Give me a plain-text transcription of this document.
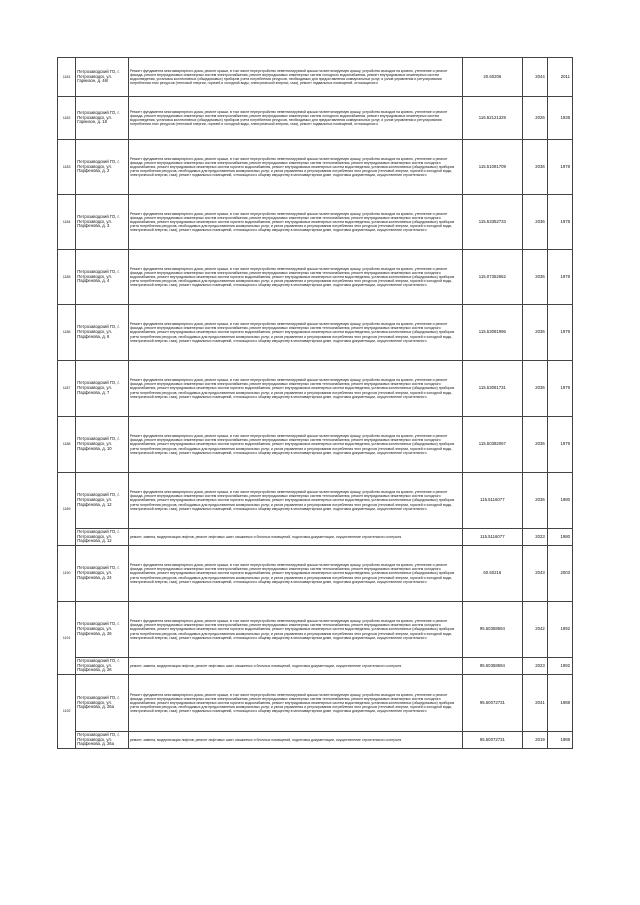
1181	Петрозаводский ГО, г. Петрозаводск, ул. Гарнизон, д. 46г	Ремонт фундамента многоквартирного дома, ремонт крыши, в том числе переустройство невентилируемой крыши на вентилируемую крышу, устройство выходов на кровлю, утепление и ремонт фасада, ремонт внутридомовых инженерных систем электроснабжения, ремонт внутридомовых инженерных систем холодного водоснабжения, ремонт внутридомовых инженерных систем водоотведения, установка коллективных (общедомовых) приборов учета потребления ресурсов, необходимых для предоставления коммунальных услуг, и узлов управления и регулирования потребления этих ресурсов (тепловой энергии, горячей и холодной воды, электрической энергии, газа), ремонт подвальных помещений, относящихся к	20.60206	2044	2011
1182	Петрозаводский ГО, г. Петрозаводск, ул. Гарнизон, д. 18	Ремонт фундамента многоквартирного дома, ремонт крыши, в том числе переустройство невентилируемой крыши на вентилируемую крышу, устройство выходов на кровлю, утепление и ремонт фасада, ремонт внутридомовых инженерных систем электроснабжения, ремонт внутридомовых инженерных систем холодного водоснабжения, ремонт внутридомовых инженерных систем водоотведения, установка коллективных (общедомовых) приборов учета потребления ресурсов, необходимых для предоставления коммунальных услуг, и узлов управления и регулирования потребления этих ресурсов (тепловой энергии, горячей и холодной воды, электрической энергии, газа), ремонт подвальных помещений, относящихся к	116.52121329	2026	1938
1183	Петрозаводский ГО, г. Петрозаводск, ул. Парфенова, д. 2	Ремонт фундамента многоквартирного дома, ремонт крыши, в том числе переустройство невентилируемой крыши на вентилируемую крышу, устройство выходов на кровлю, утепление и ремонт фасада, ремонт внутридомовых инженерных систем электроснабжения, ремонт внутридомовых инженерных систем теплоснабжения, ремонт внутридомовых инженерных систем холодного водоснабжения, ремонт внутридомовых инженерных систем горячего водоснабжения, ремонт внутридомовых инженерных систем водоотведения, установка коллективных (общедомовых) приборов учета потребления ресурсов, необходимых для предоставления коммунальных услуг, и узлов управления и регулирования потребления этих ресурсов (тепловой энергии, горячей и холодной воды, электрической энергии, газа), ремонт подвальных помещений, относящихся к общему имуществу в многоквартирном доме, подготовка документации, осуществление строительного	115.51081709	2036	1978
1184	Петрозаводский ГО, г. Петрозаводск, ул. Парфенова, д. 3	Ремонт фундамента многоквартирного дома, ремонт крыши, в том числе переустройство невентилируемой крыши на вентилируемую крышу, устройство выходов на кровлю, утепление и ремонт фасада, ремонт внутридомовых инженерных систем электроснабжения, ремонт внутридомовых инженерных систем теплоснабжения, ремонт внутридомовых инженерных систем холодного водоснабжения, ремонт внутридомовых инженерных систем горячего водоснабжения, ремонт внутридомовых инженерных систем водоотведения, установка коллективных (общедомовых) приборов учета потребления ресурсов, необходимых для предоставления коммунальных услуг, и узлов управления и регулирования потребления этих ресурсов (тепловой энергии, горячей и холодной воды, электрической энергии, газа), ремонт подвальных помещений, относящихся к общему имуществу в многоквартирном доме, подготовка документации, осуществление строительного	115.53352733	2036	1978
1185	Петрозаводский ГО, г. Петрозаводск, ул. Парфенова, д. 4	Ремонт фундамента многоквартирного дома, ремонт крыши, в том числе переустройство невентилируемой крыши на вентилируемую крышу, устройство выходов на кровлю, утепление и ремонт фасада, ремонт внутридомовых инженерных систем электроснабжения, ремонт внутридомовых инженерных систем теплоснабжения, ремонт внутридомовых инженерных систем холодного водоснабжения, ремонт внутридомовых инженерных систем горячего водоснабжения, ремонт внутридомовых инженерных систем водоотведения, установка коллективных (общедомовых) приборов учета потребления ресурсов, необходимых для предоставления коммунальных услуг, и узлов управления и регулирования потребления этих ресурсов (тепловой энергии, горячей и холодной воды, электрической энергии, газа), ремонт подвальных помещений, относящихся к общему имуществу в многоквартирном доме, подготовка документации, осуществление строительного	115.07352662	2036	1978
1186	Петрозаводский ГО, г. Петрозаводск, ул. Парфенова, д. 6	Ремонт фундамента многоквартирного дома, ремонт крыши, в том числе переустройство невентилируемой крыши на вентилируемую крышу, устройство выходов на кровлю, утепление и ремонт фасада, ремонт внутридомовых инженерных систем электроснабжения, ремонт внутридомовых инженерных систем теплоснабжения, ремонт внутридомовых инженерных систем холодного водоснабжения, ремонт внутридомовых инженерных систем горячего водоснабжения, ремонт внутридомовых инженерных систем водоотведения, установка коллективных (общедомовых) приборов учета потребления ресурсов, необходимых для предоставления коммунальных услуг, и узлов управления и регулирования потребления этих ресурсов (тепловой энергии, горячей и холодной воды, электрической энергии, газа), ремонт подвальных помещений, относящихся к общему имуществу в многоквартирном доме, подготовка документации, осуществление строительного	115.53081996	2036	1979
1187	Петрозаводский ГО, г. Петрозаводск, ул. Парфенова, д. 7	Ремонт фундамента многоквартирного дома, ремонт крыши, в том числе переустройство невентилируемой крыши на вентилируемую крышу, устройство выходов на кровлю, утепление и ремонт фасада, ремонт внутридомовых инженерных систем электроснабжения, ремонт внутридомовых инженерных систем теплоснабжения, ремонт внутридомовых инженерных систем холодного водоснабжения, ремонт внутридомовых инженерных систем горячего водоснабжения, ремонт внутридомовых инженерных систем водоотведения, установка коллективных (общедомовых) приборов учета потребления ресурсов, необходимых для предоставления коммунальных услуг, и узлов управления и регулирования потребления этих ресурсов (тепловой энергии, горячей и холодной воды, электрической энергии, газа), ремонт подвальных помещений, относящихся к общему имуществу в многоквартирном доме, подготовка документации, осуществление строительного	115.53081731	2036	1979
1188	Петрозаводский ГО, г. Петрозаводск, ул. Парфенова, д. 10	Ремонт фундамента многоквартирного дома, ремонт крыши, в том числе переустройство невентилируемой крыши на вентилируемую крышу, устройство выходов на кровлю, утепление и ремонт фасада, ремонт внутридомовых инженерных систем электроснабжения, ремонт внутридомовых инженерных систем теплоснабжения, ремонт внутридомовых инженерных систем холодного водоснабжения, ремонт внутридомовых инженерных систем горячего водоснабжения, ремонт внутридомовых инженерных систем водоотведения, установка коллективных (общедомовых) приборов учета потребления ресурсов, необходимых для предоставления коммунальных услуг, и узлов управления и регулирования потребления этих ресурсов (тепловой энергии, горячей и холодной воды, электрической энергии, газа), ремонт подвальных помещений, относящихся к общему имуществу в многоквартирном доме, подготовка документации, осуществление строительного	115.50382067	2036	1979
1189	Петрозаводский ГО, г. Петрозаводск, ул. Парфенова, д. 12	Ремонт фундамента многоквартирного дома, ремонт крыши, в том числе переустройство невентилируемой крыши на вентилируемую крышу, устройство выходов на кровлю, утепление и ремонт фасада, ремонт внутридомовых инженерных систем электроснабжения, ремонт внутридомовых инженерных систем теплоснабжения, ремонт внутридомовых инженерных систем холодного водоснабжения, ремонт внутридомовых инженерных систем горячего водоснабжения, ремонт внутридомовых инженерных систем водоотведения, установка коллективных (общедомовых) приборов учета потребления ресурсов, необходимых для предоставления коммунальных услуг, и узлов управления и регулирования потребления этих ресурсов (тепловой энергии, горячей и холодной воды, электрической энергии, газа), ремонт подвальных помещений, относящихся к общему имуществу в многоквартирном доме, подготовка документации, осуществление строительного	115.5116077	2036	1980
	Петрозаводский ГО, г. Петрозаводск, ул. Парфенова, д. 12	ремонт, замена, модернизация лифтов, ремонт лифтовых шахт, машинных и блочных помещений, подготовка документации, осуществление строительного контроля	115.5116077	2023	1980
1190	Петрозаводский ГО, г. Петрозаводск, ул. Парфенова, д. 24	Ремонт фундамента многоквартирного дома, ремонт крыши, в том числе переустройство невентилируемой крыши на вентилируемую крышу, устройство выходов на кровлю, утепление и ремонт фасада, ремонт внутридомовых инженерных систем электроснабжения, ремонт внутридомовых инженерных систем теплоснабжения, ремонт внутридомовых инженерных систем холодного водоснабжения, ремонт внутридомовых инженерных систем горячего водоснабжения, ремонт внутридомовых инженерных систем водоотведения, установка коллективных (общедомовых) приборов учета потребления ресурсов, необходимых для предоставления коммунальных услуг, и узлов управления и регулирования потребления этих ресурсов (тепловой энергии, горячей и холодной воды, электрической энергии, газа), ремонт подвальных помещений, относящихся к общему имуществу в многоквартирном доме, подготовка документации, осуществление строительного	60.50216	2043	2003
1191	Петрозаводский ГО, г. Петрозаводск, ул. Парфенова, д. 26	Ремонт фундамента многоквартирного дома, ремонт крыши, в том числе переустройство невентилируемой крыши на вентилируемую крышу, устройство выходов на кровлю, утепление и ремонт фасада, ремонт внутридомовых инженерных систем электроснабжения, ремонт внутридомовых инженерных систем теплоснабжения, ремонт внутридомовых инженерных систем холодного водоснабжения, ремонт внутридомовых инженерных систем горячего водоснабжения, ремонт внутридомовых инженерных систем водоотведения, установка коллективных (общедомовых) приборов учета потребления ресурсов, необходимых для предоставления коммунальных услуг, и узлов управления и регулирования потребления этих ресурсов (тепловой энергии, горячей и холодной воды, электрической энергии, газа), ремонт подвальных помещений, относящихся к общему имуществу в многоквартирном доме, подготовка документации, осуществление строительного	95.50358594	2042	1992
	Петрозаводский ГО, г. Петрозаводск, ул. Парфенова, д. 26	ремонт, замена, модернизация лифтов, ремонт лифтовых шахт, машинных и блочных помещений, подготовка документации, осуществление строительного контроля	95.50358594	2023	1992
1192	Петрозаводский ГО, г. Петрозаводск, ул. Парфенова, д. 26а	Ремонт фундамента многоквартирного дома, ремонт крыши, в том числе переустройство невентилируемой крыши на вентилируемую крышу, устройство выходов на кровлю, утепление и ремонт фасада, ремонт внутридомовых инженерных систем электроснабжения, ремонт внутридомовых инженерных систем теплоснабжения, ремонт внутридомовых инженерных систем холодного водоснабжения, ремонт внутридомовых инженерных систем горячего водоснабжения, ремонт внутридомовых инженерных систем водоотведения, установка коллективных (общедомовых) приборов учета потребления ресурсов, необходимых для предоставления коммунальных услуг, и узлов управления и регулирования потребления этих ресурсов (тепловой энергии, горячей и холодной воды, электрической энергии, газа), ремонт подвальных помещений, относящихся к общему имуществу в многоквартирном доме, подготовка документации, осуществление строительного	95.50072731	2041	1988
	Петрозаводский ГО, г. Петрозаводск, ул. Парфенова, д. 26а	ремонт, замена, модернизация лифтов, ремонт лифтовых шахт, машинных и блочных помещений, подготовка документации, осуществление строительного контроля	95.50072731	2019	1988
